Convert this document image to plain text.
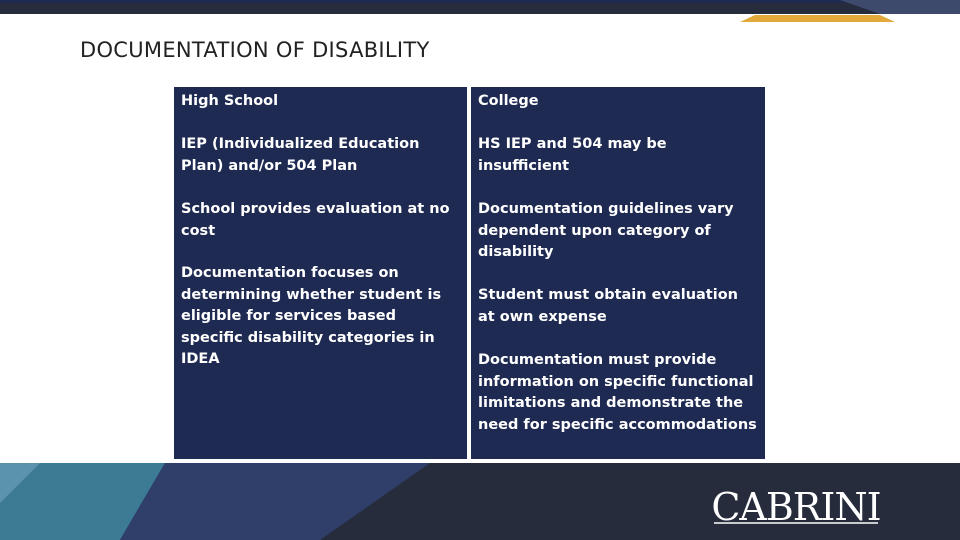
DOCUMENTATION OF DISABILITY
High School
IEP (Individualized Education Plan) and/or 504 Plan
School provides evaluation at no cost
Documentation focuses on determining whether student is eligible for services based specific disability categories in IDEA
College
HS IEP and 504 may be insufficient
Documentation guidelines vary dependent upon category of disability
Student must obtain evaluation at own expense
Documentation must provide information on specific functional limitations and demonstrate the need for specific accommodations
CABRINI
